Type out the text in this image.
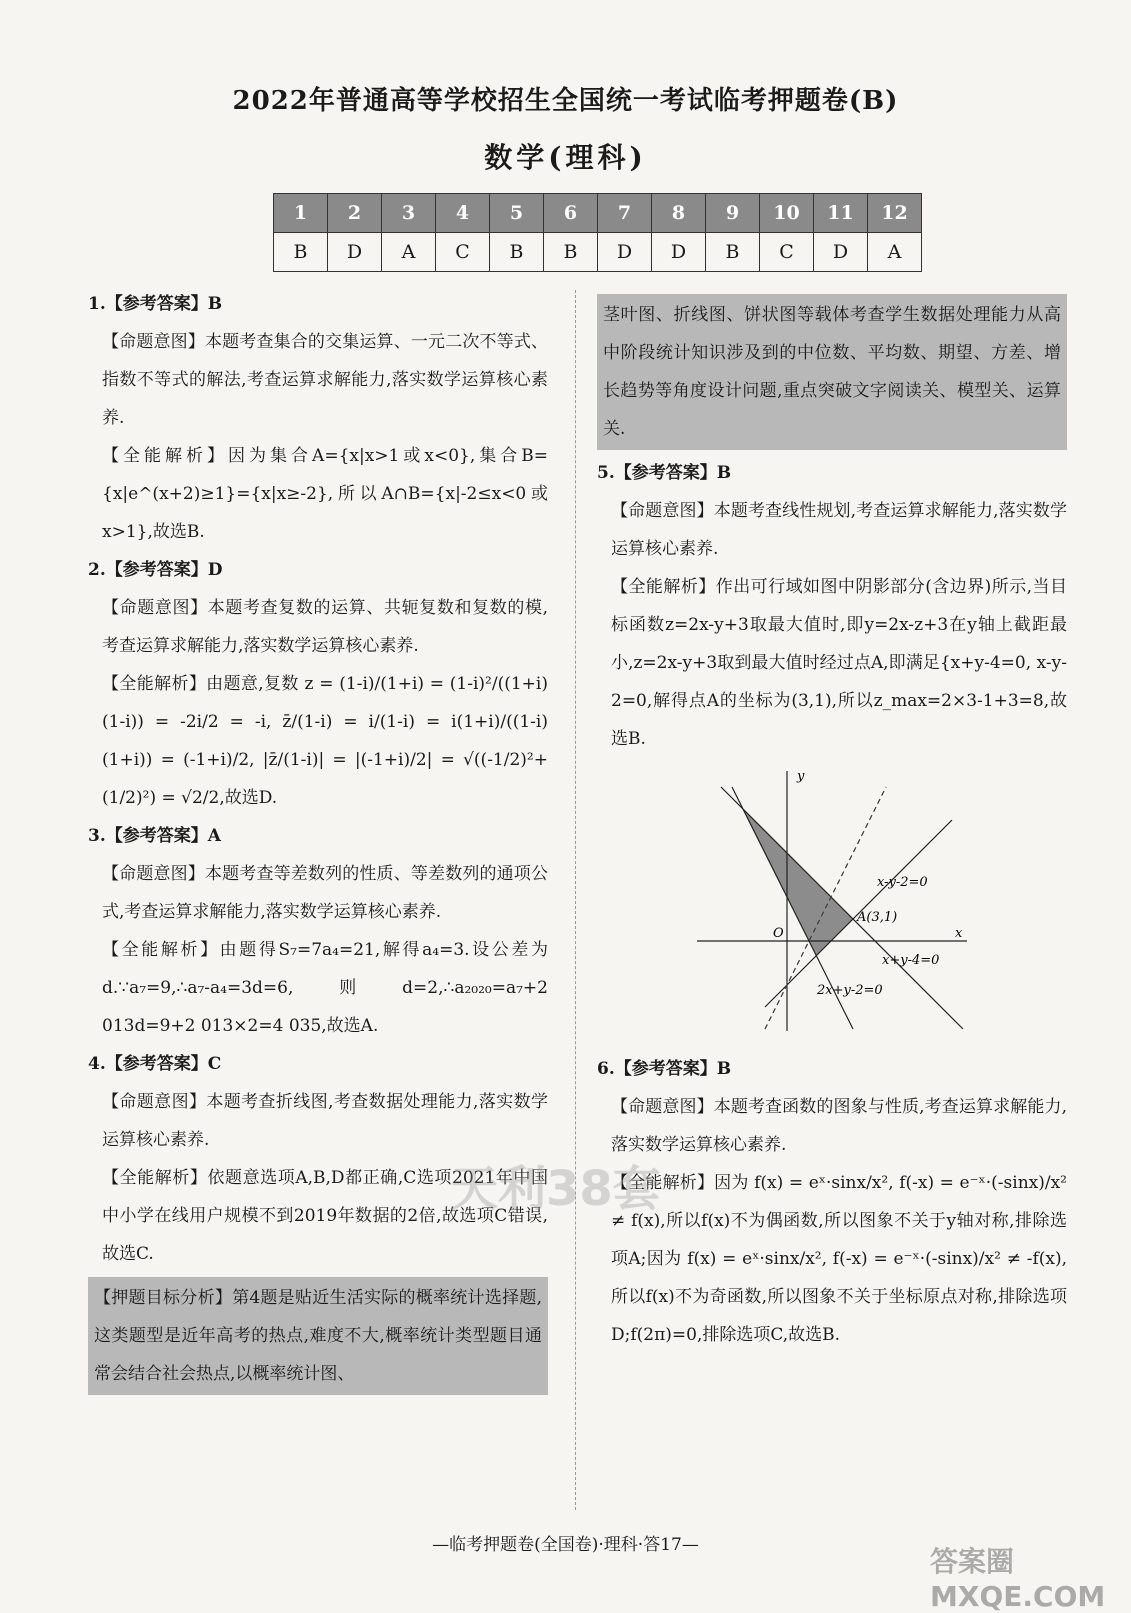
2022年普通高等学校招生全国统一考试临考押题卷(B)
数学(理科)
1	2	3	4	5	6	7	8	9	10	11	12
B	D	A	C	B	B	D	D	B	C	D	A

1.【参考答案】B

【命题意图】本题考查集合的交集运算、一元二次不等式、指数不等式的解法,考查运算求解能力,落实数学运算核心素养.

【全能解析】因为集合A={x|x>1或x<0},集合B={x|e^(x+2)≥1}={x|x≥-2},所以A∩B={x|-2≤x<0或x>1},故选B.

2.【参考答案】D

【命题意图】本题考查复数的运算、共轭复数和复数的模,考查运算求解能力,落实数学运算核心素养.

【全能解析】由题意,复数 z = (1-i)/(1+i) = (1-i)²/((1+i)(1-i)) = -2i/2 = -i, z̄/(1-i) = i/(1-i) = i(1+i)/((1-i)(1+i)) = (-1+i)/2, |z̄/(1-i)| = |(-1+i)/2| = √((-1/2)²+(1/2)²) = √2/2,故选D.

3.【参考答案】A

【命题意图】本题考查等差数列的性质、等差数列的通项公式,考查运算求解能力,落实数学运算核心素养.

【全能解析】由题得S₇=7a₄=21,解得a₄=3.设公差为d.∵a₇=9,∴a₇-a₄=3d=6,则d=2,∴a₂₀₂₀=a₇+2 013d=9+2 013×2=4 035,故选A.

4.【参考答案】C

【命题意图】本题考查折线图,考查数据处理能力,落实数学运算核心素养.

【全能解析】依题意选项A,B,D都正确,C选项2021年中国中小学在线用户规模不到2019年数据的2倍,故选项C错误,故选C.

【押题目标分析】第4题是贴近生活实际的概率统计选择题,这类题型是近年高考的热点,难度不大,概率统计类型题目通常会结合社会热点,以概率统计图、

茎叶图、折线图、饼状图等载体考查学生数据处理能力从高中阶段统计知识涉及到的中位数、平均数、期望、方差、增长趋势等角度设计问题,重点突破文字阅读关、模型关、运算关.

5.【参考答案】B

【命题意图】本题考查线性规划,考查运算求解能力,落实数学运算核心素养.

【全能解析】作出可行域如图中阴影部分(含边界)所示,当目标函数z=2x-y+3取最大值时,即y=2x-z+3在y轴上截距最小,z=2x-y+3取到最大值时经过点A,即满足{x+y-4=0, x-y-2=0,解得点A的坐标为(3,1),所以z_max=2×3-1+3=8,故选B.

y
x
O
A(3,1)
x-y-2=0
x+y-4=0
2x+y-2=0

6.【参考答案】B

【命题意图】本题考查函数的图象与性质,考查运算求解能力,落实数学运算核心素养.

【全能解析】因为 f(x) = eˣ·sinx/x², f(-x) = e⁻ˣ·(-sinx)/x² ≠ f(x),所以f(x)不为偶函数,所以图象不关于y轴对称,排除选项A;因为 f(x) = eˣ·sinx/x², f(-x) = e⁻ˣ·(-sinx)/x² ≠ -f(x),所以f(x)不为奇函数,所以图象不关于坐标原点对称,排除选项D;f(2π)=0,排除选项C,故选B.

天利38套
—临考押题卷(全国卷)·理科·答17—	答案圈 MXQE.COM
